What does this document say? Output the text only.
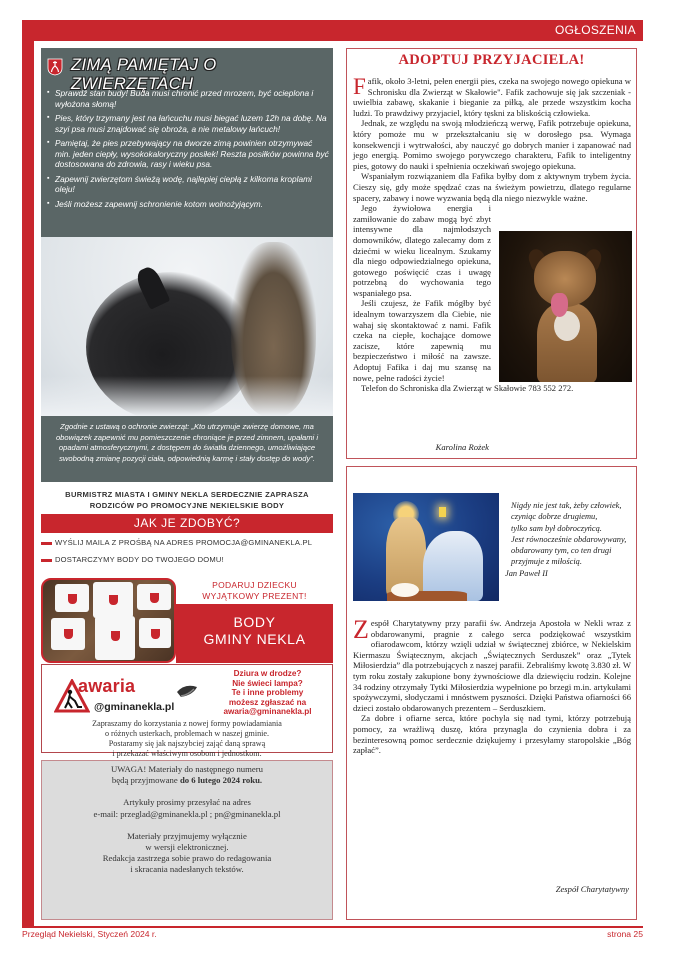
OGŁOSZENIA
ZIMĄ PAMIĘTAJ O ZWIERZĘTACH
▪ Sprawdź stan budy! Buda musi chronić przed mrozem, być ocieplona i wyłożona słomą!
▪ Pies, który trzymany jest na łańcuchu musi biegać luzem 12h na dobę. Na szyi psa musi znajdować się obroża, a nie metalowy łańcuch!
▪ Pamiętaj, że pies przebywający na dworze zimą powinien otrzymywać min. jeden ciepły, wysokokaloryczny posiłek! Reszta posiłków powinna być dostosowana do zdrowia, rasy i wieku psa.
▪ Zapewnij zwierzętom świeżą wodę, najlepiej ciepłą z kilkoma kroplami oleju!
▪ Jeśli możesz zapewnij schronienie kotom wolnożyjącym.
Zgodnie z ustawą o ochronie zwierząt: „Kto utrzymuje zwierzę domowe, ma obowiązek zapewnić mu pomieszczenie chroniące je przed zimnem, upałami i opadami atmosferycznymi, z dostępem do światła dziennego, umożliwiające swobodną zmianę pozycji ciała, odpowiednią karmę i stały dostęp do wody”.
BURMISTRZ MIASTA I GMINY NEKLA SERDECZNIE ZAPRASZA
RODZICÓW PO PROMOCYJNE NEKIELSKIE BODY
JAK JE ZDOBYĆ?
WYŚLIJ MAILA Z PROŚBĄ NA ADRES PROMOCJA@GMINANEKLA.PL
DOSTARCZYMY BODY DO TWOJEGO DOMU!
PODARUJ DZIECKU
WYJĄTKOWY PREZENT!
BODY
GMINY NEKLA
awaria
@gminanekla.pl
Dziura w drodze?
Nie świeci lampa?
Te i inne problemy
możesz zgłaszać na
awaria@gminanekla.pl
Zapraszamy do korzystania z nowej formy powiadamiania
o różnych usterkach, problemach w naszej gminie.
Postaramy się jak najszybciej zająć daną sprawą
i przekazać właściwym osobom i jednostkom.

UWAGA! Materiały do następnego numeru
będą przyjmowane do 6 lutego 2024 roku.

Artykuły prosimy przesyłać na adres
e-mail: przeglad@gminanekla.pl ; pn@gminanekla.pl

Materiały przyjmujemy wyłącznie
w wersji elektronicznej.
Redakcja zastrzega sobie prawo do redagowania
i skracania nadesłanych tekstów.

ADOPTUJ PRZYJACIELA!

Fafik, około 3-letni, pełen energii pies, czeka na swojego nowego opiekuna w Schronisku dla Zwierząt w Skałowie". Fafik zachowuje się jak szczeniak - uwielbia zabawę, skakanie i bieganie za piłką, ale przede wszystkim kocha ludzi. To prawdziwy przyjaciel, który tęskni za bliskością człowieka.

Jednak, ze względu na swoją młodzieńczą werwę, Fafik potrzebuje opiekuna, który pomoże mu w przekształcaniu się w dorosłego psa. Wymaga konsekwencji i wytrwałości, aby nauczyć go dobrych manier i zapanować nad jego energią. Pomimo swojego porywczego charakteru, Fafik to inteligentny pies, gotowy do nauki i spełnienia oczekiwań swojego opiekuna.

Wspaniałym rozwiązaniem dla Fafika byłby dom z aktywnym trybem życia. Cieszy się, gdy może spędzać czas na świeżym powietrzu, dlatego regularne spacery, zabawy i nowe wyzwania będą dla niego niezwykle ważne.

Jego żywiołowa energia i zamiłowanie do zabaw mogą być zbyt intensywne dla najmłodszych domowników, dlatego zalecamy dom z dziećmi w wieku licealnym. Szukamy dla niego odpowiedzialnego opiekuna, gotowego poświęcić czas i uwagę potrzebną do wychowania tego wspaniałego psa.

Jeśli czujesz, że Fafik mógłby być idealnym towarzyszem dla Ciebie, nie wahaj się skontaktować z nami. Fafik czeka na ciepłe, kochające domowe zacisze, które zapewnią mu bezpieczeństwo i miłość na zawsze. Adoptuj Fafika i daj mu szansę na nowe, pełne radości życie!

Telefon do Schroniska dla Zwierząt w Skałowie 783 552 272.

Karolina Rożek
Nigdy nie jest tak, żeby człowiek,
czyniąc dobrze drugiemu,
tylko sam był dobroczyńcą.
Jest równocześnie obdarowywany,
obdarowany tym, co ten drugi
przyjmuje z miłością.
Jan Paweł II

Zespół Charytatywny przy parafii św. Andrzeja Apostoła w Nekli wraz z obdarowanymi, pragnie z całego serca podziękować wszystkim ofiarodawcom, którzy wzięli udział w świątecznej zbiórce, w Nekielskim Kiermaszu Świątecznym, akcjach „Świątecznych Serduszek” oraz „Tytek Miłosierdzia” dla potrzebujących z naszej parafii. Zebraliśmy kwotę 3.830 zł. W tym roku zostały zakupione bony żywnościowe dla dziewięciu rodzin. Kolejne 34 rodziny otrzymały Tytki Miłosierdzia wypełnione po brzegi m.in. artykułami spożywczymi, słodyczami i mnóstwem pyszności. Dzięki Państwa ofiarności 66 dzieci zostało obdarowanych prezentem – Serduszkiem.

Za dobre i ofiarne serca, które pochyla się nad tymi, którzy potrzebują pomocy, za wrażliwą duszę, która przynagla do czynienia dobra i za bezinteresowną pomoc serdecznie dziękujemy i przesyłamy staropolskie „Bóg zapłać”.

Zespół Charytatywny
Przegląd Nekielski, Styczeń 2024 r.	strona 25
